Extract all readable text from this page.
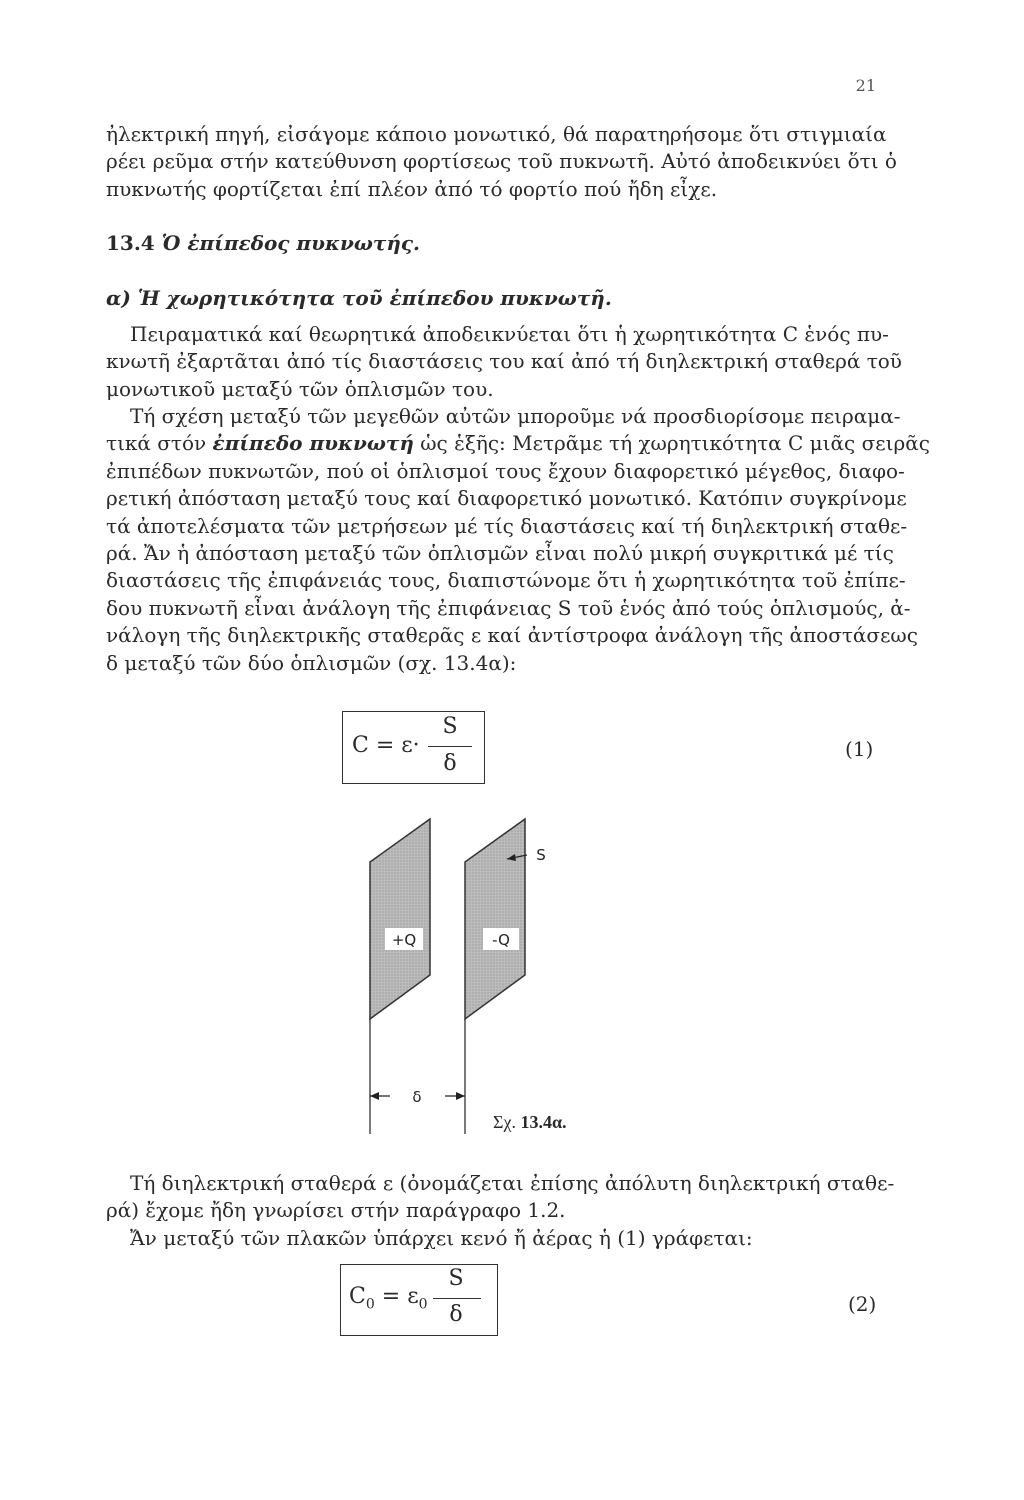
21
ἠλεκτρική πηγή, εἰσάγομε κάποιο μονωτικό, θά παρατηρήσομε ὅτι στιγμιαία
ρέει ρεῦμα στήν κατεύθυνση φορτίσεως τοῦ πυκνωτῆ. Αὐτό ἀποδεικνύει ὅτι ὁ
πυκνωτής φορτίζεται ἐπί πλέον ἀπό τό φορτίο πού ἤδη εἶχε.
13.4 Ὁ ἐπίπεδος πυκνωτής.
α) Ἡ χωρητικότητα τοῦ ἐπίπεδου πυκνωτῆ.
Πειραματικά καί θεωρητικά ἀποδεικνύεται ὅτι ἡ χωρητικότητα C ἑνός πυ-
κνωτῆ ἐξαρτᾶται ἀπό τίς διαστάσεις του καί ἀπό τή διηλεκτρική σταθερά τοῦ
μονωτικοῦ μεταξύ τῶν ὁπλισμῶν του.
Τή σχέση μεταξύ τῶν μεγεθῶν αὐτῶν μποροῦμε νά προσδιορίσομε πειραμα-
τικά στόν ἐπίπεδο πυκνωτή ὡς ἑξῆς: Μετρᾶμε τή χωρητικότητα C μιᾶς σειρᾶς
ἐπιπέδων πυκνωτῶν, πού οἱ ὁπλισμοί τους ἔχουν διαφορετικό μέγεθος, διαφο-
ρετική ἀπόσταση μεταξύ τους καί διαφορετικό μονωτικό. Κατόπιν συγκρίνομε
τά ἀποτελέσματα τῶν μετρήσεων μέ τίς διαστάσεις καί τή διηλεκτρική σταθε-
ρά. Ἄν ἡ ἀπόσταση μεταξύ τῶν ὁπλισμῶν εἶναι πολύ μικρή συγκριτικά μέ τίς
διαστάσεις τῆς ἐπιφάνειάς τους, διαπιστώνομε ὅτι ἡ χωρητικότητα τοῦ ἐπίπε-
δου πυκνωτῆ εἶναι ἀνάλογη τῆς ἐπιφάνειας S τοῦ ἑνός ἀπό τούς ὁπλισμούς, ἀ-
νάλογη τῆς διηλεκτρικῆς σταθερᾶς ε καί ἀντίστροφα ἀνάλογη τῆς ἀποστάσεως
δ μεταξύ τῶν δύο ὁπλισμῶν (σχ. 13.4α):
C = ε·
S
δ
(1)
+Q	-Q
S
δ
Σχ. 13.4α.
Τή διηλεκτρική σταθερά ε (ὀνομάζεται ἐπίσης ἀπόλυτη διηλεκτρική σταθε-
ρά) ἔχομε ἤδη γνωρίσει στήν παράγραφο 1.2.
Ἄν μεταξύ τῶν πλακῶν ὑπάρχει κενό ἤ ἀέρας ἡ (1) γράφεται:
$C_0 = \varepsilon_0$
S
δ	(2)
